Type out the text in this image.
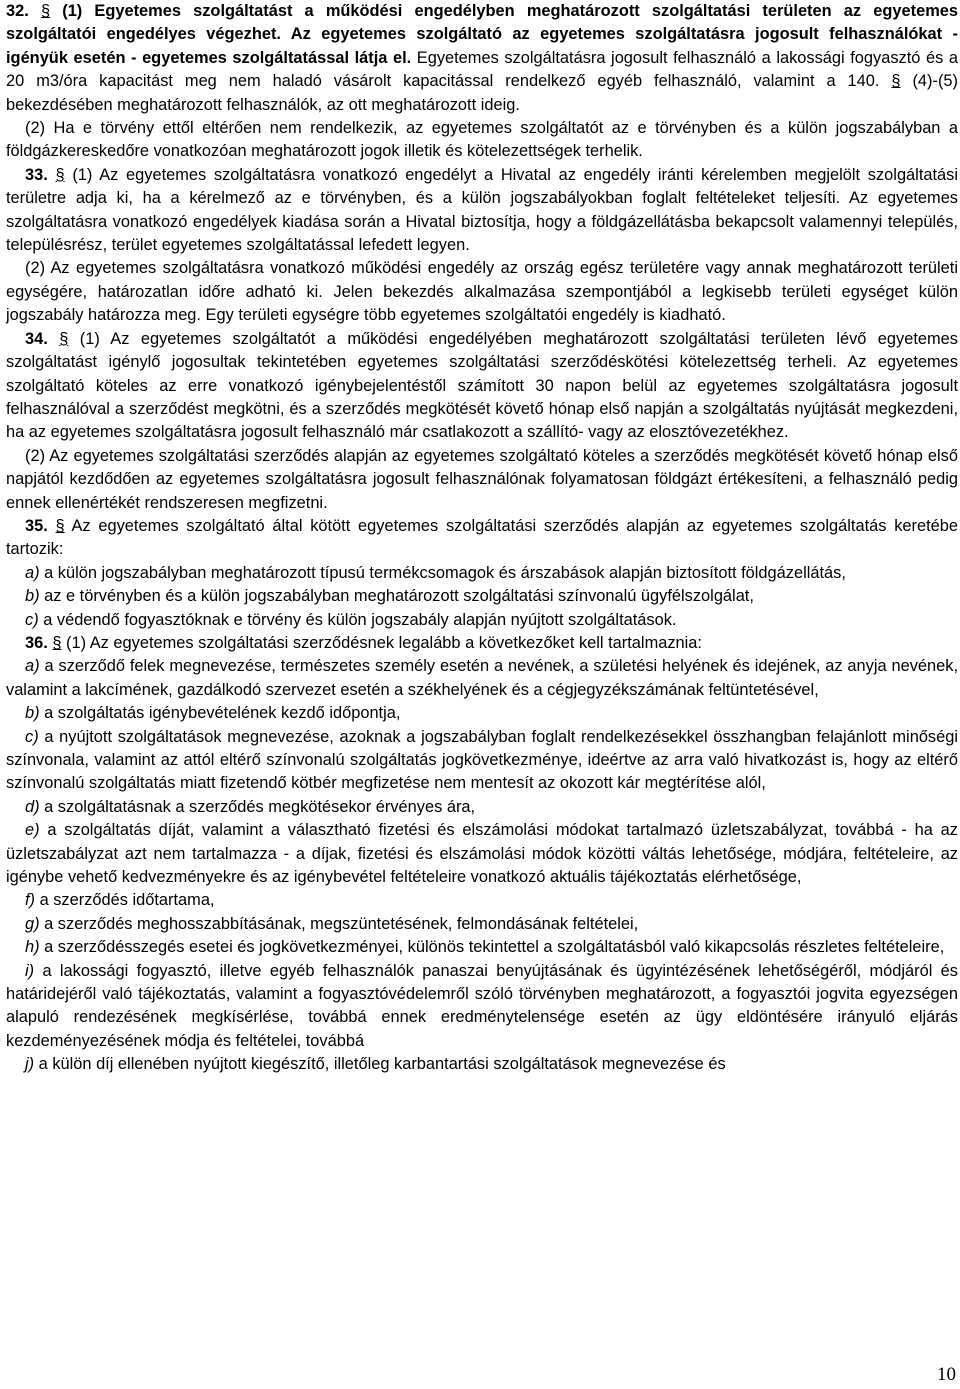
32. § (1) Egyetemes szolgáltatást a működési engedélyben meghatározott szolgáltatási területen az egyetemes szolgáltatói engedélyes végezhet. Az egyetemes szolgáltató az egyetemes szolgáltatásra jogosult felhasználókat - igényük esetén - egyetemes szolgáltatással látja el. Egyetemes szolgáltatásra jogosult felhasználó a lakossági fogyasztó és a 20 m3/óra kapacitást meg nem haladó vásárolt kapacitással rendelkező egyéb felhasználó, valamint a 140. § (4)-(5) bekezdésében meghatározott felhasználók, az ott meghatározott ideig.

(2) Ha e törvény ettől eltérően nem rendelkezik, az egyetemes szolgáltatót az e törvényben és a külön jogszabályban a földgázkereskedőre vonatkozóan meghatározott jogok illetik és kötelezettségek terhelik.

33. § (1) Az egyetemes szolgáltatásra vonatkozó engedélyt a Hivatal az engedély iránti kérelemben megjelölt szolgáltatási területre adja ki, ha a kérelmező az e törvényben, és a külön jogszabályokban foglalt feltételeket teljesíti. Az egyetemes szolgáltatásra vonatkozó engedélyek kiadása során a Hivatal biztosítja, hogy a földgázellátásba bekapcsolt valamennyi település, településrész, terület egyetemes szolgáltatással lefedett legyen.

(2) Az egyetemes szolgáltatásra vonatkozó működési engedély az ország egész területére vagy annak meghatározott területi egységére, határozatlan időre adható ki. Jelen bekezdés alkalmazása szempontjából a legkisebb területi egységet külön jogszabály határozza meg. Egy területi egységre több egyetemes szolgáltatói engedély is kiadható.

34. § (1) Az egyetemes szolgáltatót a működési engedélyében meghatározott szolgáltatási területen lévő egyetemes szolgáltatást igénylő jogosultak tekintetében egyetemes szolgáltatási szerződéskötési kötelezettség terheli. Az egyetemes szolgáltató köteles az erre vonatkozó igénybejelentéstől számított 30 napon belül az egyetemes szolgáltatásra jogosult felhasználóval a szerződést megkötni, és a szerződés megkötését követő hónap első napján a szolgáltatás nyújtását megkezdeni, ha az egyetemes szolgáltatásra jogosult felhasználó már csatlakozott a szállító- vagy az elosztóvezetékhez.

(2) Az egyetemes szolgáltatási szerződés alapján az egyetemes szolgáltató köteles a szerződés megkötését követő hónap első napjától kezdődően az egyetemes szolgáltatásra jogosult felhasználónak folyamatosan földgázt értékesíteni, a felhasználó pedig ennek ellenértékét rendszeresen megfizetni.

35. § Az egyetemes szolgáltató által kötött egyetemes szolgáltatási szerződés alapján az egyetemes szolgáltatás keretébe tartozik:

a) a külön jogszabályban meghatározott típusú termékcsomagok és árszabások alapján biztosított földgázellátás,

b) az e törvényben és a külön jogszabályban meghatározott szolgáltatási színvonalú ügyfélszolgálat,

c) a védendő fogyasztóknak e törvény és külön jogszabály alapján nyújtott szolgáltatások.

36. § (1) Az egyetemes szolgáltatási szerződésnek legalább a következőket kell tartalmaznia:

a) a szerződő felek megnevezése, természetes személy esetén a nevének, a születési helyének és idejének, az anyja nevének, valamint a lakcímének, gazdálkodó szervezet esetén a székhelyének és a cégjegyzékszámának feltüntetésével,

b) a szolgáltatás igénybevételének kezdő időpontja,

c) a nyújtott szolgáltatások megnevezése, azoknak a jogszabályban foglalt rendelkezésekkel összhangban felajánlott minőségi színvonala, valamint az attól eltérő színvonalú szolgáltatás jogkövetkezménye, ideértve az arra való hivatkozást is, hogy az eltérő színvonalú szolgáltatás miatt fizetendő kötbér megfizetése nem mentesít az okozott kár megtérítése alól,

d) a szolgáltatásnak a szerződés megkötésekor érvényes ára,

e) a szolgáltatás díját, valamint a választható fizetési és elszámolási módokat tartalmazó üzletszabályzat, továbbá - ha az üzletszabályzat azt nem tartalmazza - a díjak, fizetési és elszámolási módok közötti váltás lehetősége, módjára, feltételeire, az igénybe vehető kedvezményekre és az igénybevétel feltételeire vonatkozó aktuális tájékoztatás elérhetősége,

f) a szerződés időtartama,

g) a szerződés meghosszabbításának, megszüntetésének, felmondásának feltételei,

h) a szerződésszegés esetei és jogkövetkezményei, különös tekintettel a szolgáltatásból való kikapcsolás részletes feltételeire,

i) a lakossági fogyasztó, illetve egyéb felhasználók panaszai benyújtásának és ügyintézésének lehetőségéről, módjáról és határidejéről való tájékoztatás, valamint a fogyasztóvédelemről szóló törvényben meghatározott, a fogyasztói jogvita egyezségen alapuló rendezésének megkísérlése, továbbá ennek eredménytelensége esetén az ügy eldöntésére irányuló eljárás kezdeményezésének módja és feltételei, továbbá

j) a külön díj ellenében nyújtott kiegészítő, illetőleg karbantartási szolgáltatások megnevezése és

10
